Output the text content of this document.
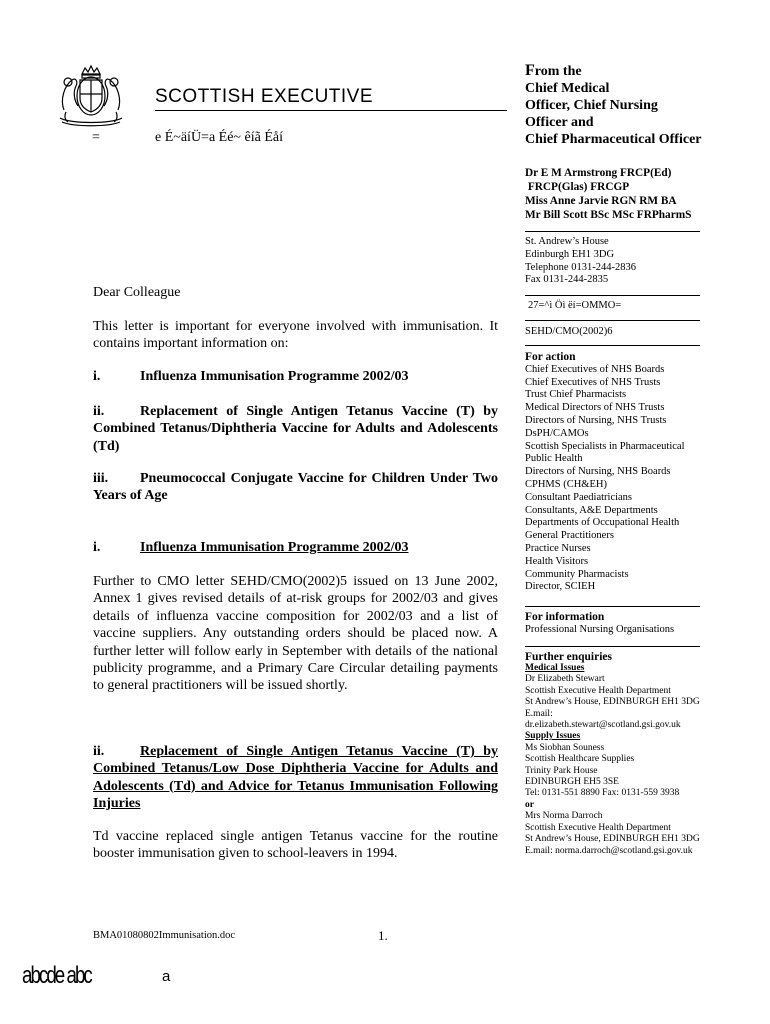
SCOTTISH EXECUTIVE
=	e É~äíÜ=a Éé~ êíã Éåí
Dear Colleague
This letter is important for everyone involved with immunisation. It contains important information on:
i.	Influenza Immunisation Programme 2002/03
ii.	Replacement of Single Antigen Tetanus Vaccine (T) by Combined Tetanus/Diphtheria Vaccine for Adults and Adolescents (Td)
iii. Pneumococcal Conjugate Vaccine for Children Under Two Years of Age
i.	Influenza Immunisation Programme 2002/03
Further to CMO letter SEHD/CMO(2002)5 issued on 13 June 2002, Annex 1 gives revised details of at-risk groups for 2002/03 and gives details of influenza vaccine composition for 2002/03 and a list of vaccine suppliers. Any outstanding orders should be placed now. A further letter will follow early in September with details of the national publicity programme, and a Primary Care Circular detailing payments to general practitioners will be issued shortly.
ii.	Replacement of Single Antigen Tetanus Vaccine (T) by Combined Tetanus/Low Dose Diphtheria Vaccine for Adults and Adolescents (Td) and Advice for Tetanus Immunisation Following Injuries
Td vaccine replaced single antigen Tetanus vaccine for the routine booster immunisation given to school-leavers in 1994.
From the
Chief Medical
Officer, Chief Nursing
Officer and
Chief Pharmaceutical Officer
Dr E M Armstrong FRCP(Ed)
FRCP(Glas) FRCGP
Miss Anne Jarvie RGN RM BA
Mr Bill Scott BSc MSc FRPharmS
St. Andrew’s House
Edinburgh EH1 3DG
Telephone 0131-244-2836
Fax 0131-244-2835
27=^ì Öì ëí=OMMO=
SEHD/CMO(2002)6
For action
Chief Executives of NHS Boards
Chief Executives of NHS Trusts
Trust Chief Pharmacists
Medical Directors of NHS Trusts
Directors of Nursing, NHS Trusts
DsPH/CAMOs
Scottish Specialists in Pharmaceutical
Public Health
Directors of Nursing, NHS Boards
CPHMS (CH&EH)
Consultant Paediatricians
Consultants, A&E Departments
Departments of Occupational Health
General Practitioners
Practice Nurses
Health Visitors
Community Pharmacists
Director, SCIEH
For information
Professional Nursing Organisations
Further enquiries
Medical Issues
Dr Elizabeth Stewart
Scottish Executive Health Department
St Andrew’s House, EDINBURGH EH1 3DG
E.mail:
dr.elizabeth.stewart@scotland.gsi.gov.uk
Supply Issues
Ms Siobhan Souness
Scottish Healthcare Supplies
Trinity Park House
EDINBURGH EH5 3SE
Tel: 0131-551 8890 Fax: 0131-559 3938
or
Mrs Norma Darroch
Scottish Executive Health Department
St Andrew’s House, EDINBURGH EH1 3DG
E.mail: norma.darroch@scotland.gsi.gov.uk
BMA01080802Immunisation.doc	1.
abcde abc	a
